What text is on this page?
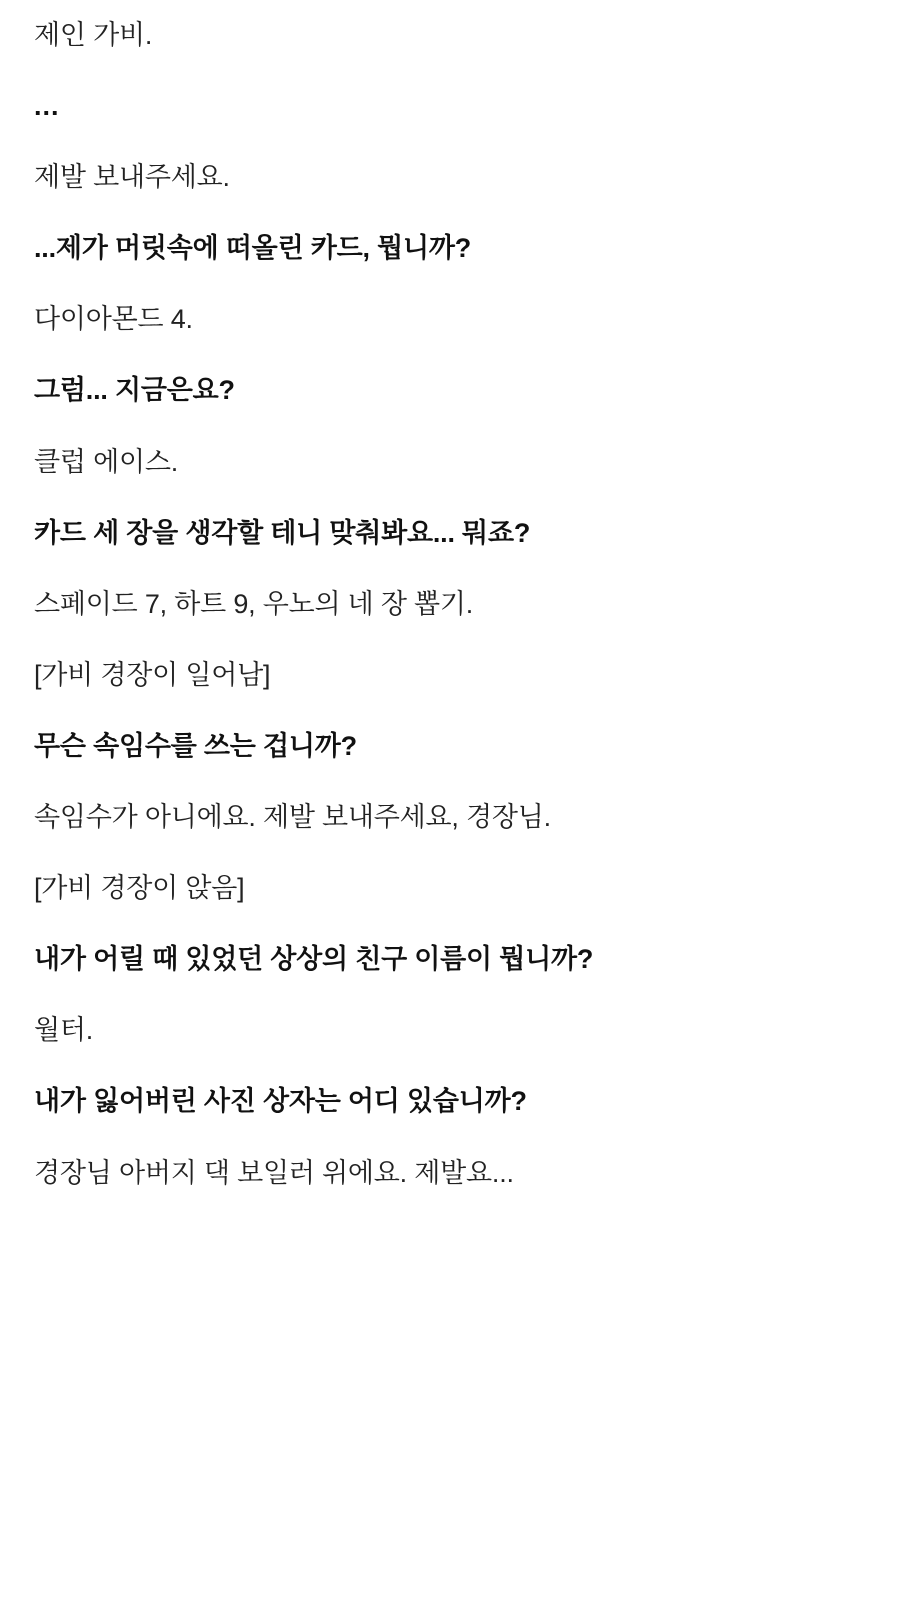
제인 가비.

...

제발 보내주세요.

...제가 머릿속에 떠올린 카드, 뭡니까?

다이아몬드 4.

그럼... 지금은요?

클럽 에이스.

카드 세 장을 생각할 테니 맞춰봐요... 뭐죠?

스페이드 7, 하트 9, 우노의 네 장 뽑기.

[가비 경장이 일어남]

무슨 속임수를 쓰는 겁니까?

속임수가 아니에요. 제발 보내주세요, 경장님.

[가비 경장이 앉음]

내가 어릴 때 있었던 상상의 친구 이름이 뭡니까?

월터.

내가 잃어버린 사진 상자는 어디 있습니까?

경장님 아버지 댁 보일러 위에요. 제발요...
